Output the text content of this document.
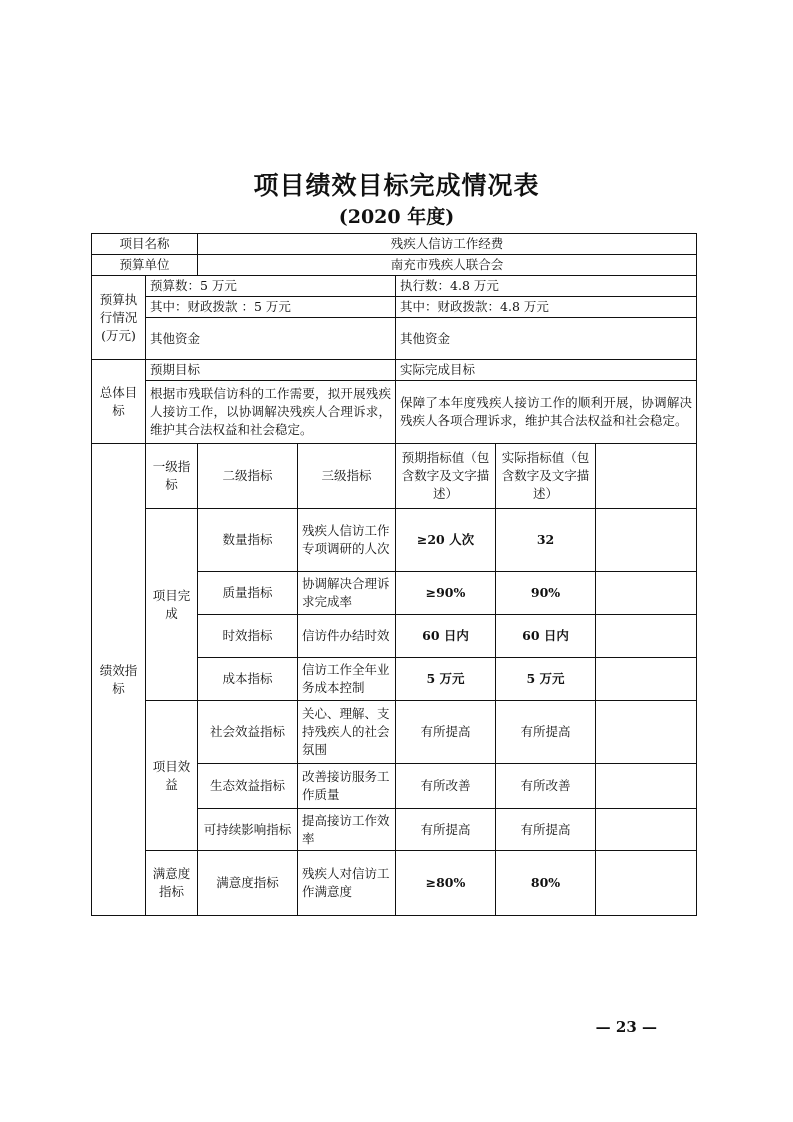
项目绩效目标完成情况表
(2020 年度)
项目名称		残疾人信访工作经费				
预算单位		南充市残疾人联合会				
预算执行情况(万元)	预算数：5 万元			执行数：4.8 万元		
	其中：财政拨款 ：5 万元			其中：财政拨款：4.8 万元		
	其他资金			其他资金		
总体目标	预期目标			实际完成目标		
	根据市残联信访科的工作需要，拟开展残疾人接访工作，以协调解决残疾人合理诉求，维护其合法权益和社会稳定。			保障了本年度残疾人接访工作的顺利开展，协调解决残疾人各项合理诉求，维护其合法权益和社会稳定。		
绩效指标	一级指标	二级指标	三级指标	预期指标值（包含数字及文字描述）	实际指标值（包含数字及文字描述）	
	项目完成	数量指标	残疾人信访工作专项调研的人次	≥20 人次	32	
		质量指标	协调解决合理诉求完成率	≥90%	90%	
		时效指标	信访件办结时效	60 日内	60 日内	
		成本指标	信访工作全年业务成本控制	5 万元	5 万元	
	项目效益	社会效益指标	关心、理解、支持残疾人的社会氛围	有所提高	有所提高	
		生态效益指标	改善接访服务工作质量	有所改善	有所改善	
		可持续影响指标	提高接访工作效率	有所提高	有所提高	
	满意度指标	满意度指标	残疾人对信访工作满意度	≥80%	80%	
— 23 —
